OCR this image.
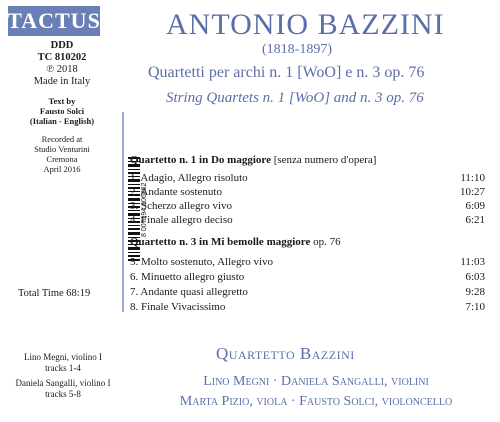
TACTUS
DDD
TC 810202
℗ 2018
Made in Italy
Text by
Fausto Solci
(Italian - English)
Recorded at
Studio Venturini
Cremona
April 2016
8 007194 106862
Total Time 68:19
Lino Megni, violino I
tracks 1-4
Daniela Sangalli, violino I
tracks 5-8
ANTONIO BAZZINI
(1818-1897)
Quartetti per archi n. 1 [WoO] e n. 3 op. 76
String Quartets n. 1 [WoO] and n. 3 op. 76
Quartetto n. 1 in Do maggiore [senza numero d'opera]
1. Adagio, Allegro risoluto	11:10
2. Andante sostenuto	10:27
3. Scherzo allegro vivo	6:09
4. Finale allegro deciso	6:21
Quartetto n. 3 in Mi bemolle maggiore op. 76
5. Molto sostenuto, Allegro vivo	11:03
6. Minuetto allegro giusto	6:03
7. Andante quasi allegretto	9:28
8. Finale Vivacissimo	7:10
Quartetto Bazzini
Lino Megni · Daniela Sangalli, violini
Marta Pizio, viola · Fausto Solci, violoncello
